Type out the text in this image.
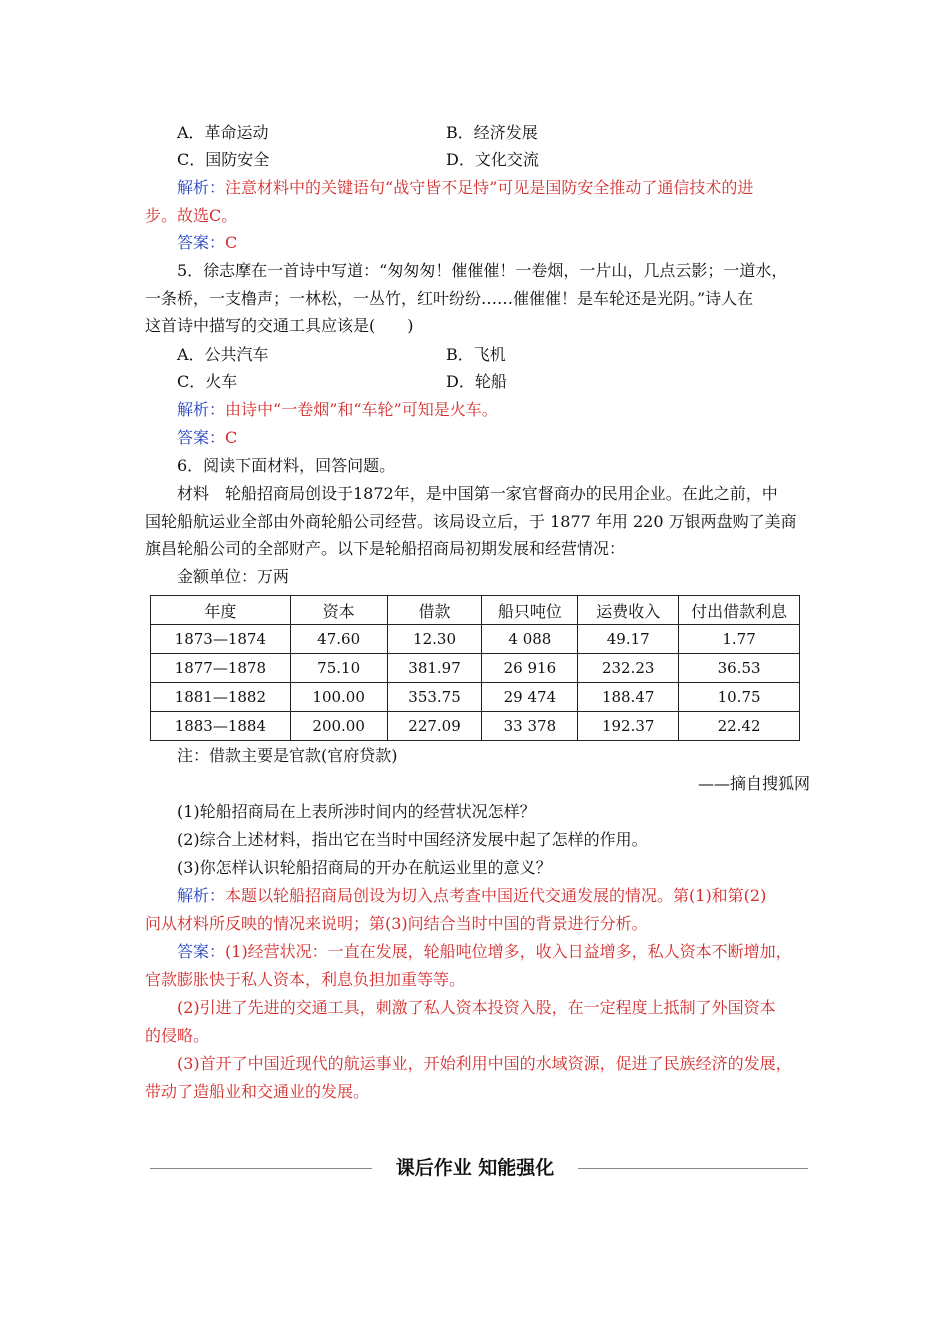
A．革命运动	B．经济发展
C．国防安全	D．文化交流
解析：注意材料中的关键语句“战守皆不足恃”可见是国防安全推动了通信技术的进
步。故选C。
答案：C
5．徐志摩在一首诗中写道：“匆匆匆！催催催！一卷烟，一片山，几点云影；一道水，
一条桥，一支橹声；一林松，一丛竹，红叶纷纷……催催催！是车轮还是光阴。”诗人在
这首诗中描写的交通工具应该是(　　)
A．公共汽车	B．飞机
C．火车	D．轮船
解析：由诗中“一卷烟”和“车轮”可知是火车。
答案：C
6．阅读下面材料，回答问题。
材料　轮船招商局创设于1872年，是中国第一家官督商办的民用企业。在此之前，中
国轮船航运业全部由外商轮船公司经营。该局设立后，于 1877 年用 220 万银两盘购了美商
旗昌轮船公司的全部财产。以下是轮船招商局初期发展和经营情况：
金额单位：万两
年度	资本	借款	船只吨位	运费收入	付出借款利息
1873—1874	47.60	12.30	4 088	49.17	1.77
1877—1878	75.10	381.97	26 916	232.23	36.53
1881—1882	100.00	353.75	29 474	188.47	10.75
1883—1884	200.00	227.09	33 378	192.37	22.42
注：借款主要是官款(官府贷款)
——摘自搜狐网
(1)轮船招商局在上表所涉时间内的经营状况怎样？
(2)综合上述材料，指出它在当时中国经济发展中起了怎样的作用。
(3)你怎样认识轮船招商局的开办在航运业里的意义？
解析：本题以轮船招商局创设为切入点考查中国近代交通发展的情况。第(1)和第(2)
问从材料所反映的情况来说明；第(3)问结合当时中国的背景进行分析。
答案：(1)经营状况：一直在发展，轮船吨位增多，收入日益增多，私人资本不断增加，
官款膨胀快于私人资本，利息负担加重等等。
(2)引进了先进的交通工具，刺激了私人资本投资入股，在一定程度上抵制了外国资本
的侵略。
(3)首开了中国近现代的航运事业，开始利用中国的水域资源，促进了民族经济的发展，
带动了造船业和交通业的发展。
课后作业 知能强化
